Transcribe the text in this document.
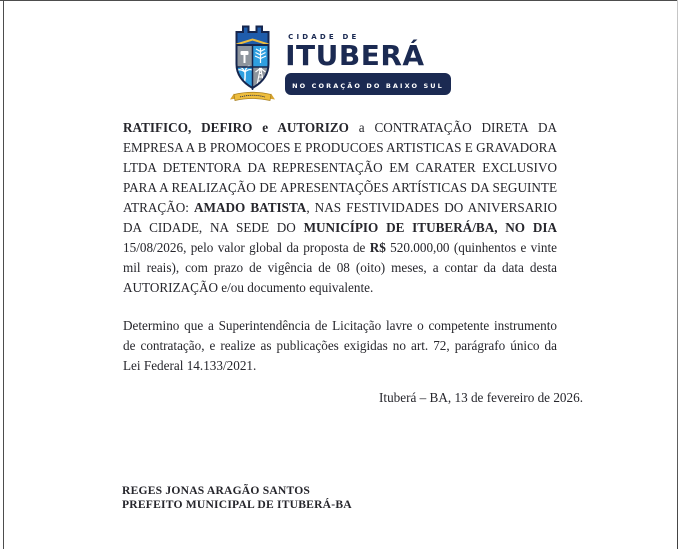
CIDADE DE
ITUBERÁ
NO CORAÇÃO DO BAIXO SUL

RATIFICO, DEFIRO e AUTORIZO a CONTRATAÇÃO DIRETA DA EMPRESA A B PROMOCOES E PRODUCOES ARTISTICAS E GRAVADORA LTDA DETENTORA DA REPRESENTAÇÃO EM CARATER EXCLUSIVO PARA A REALIZAÇÃO DE APRESENTAÇÕES ARTÍSTICAS DA SEGUINTE ATRAÇÃO: AMADO BATISTA, NAS FESTIVIDADES DO ANIVERSARIO DA CIDADE, NA SEDE DO MUNICÍPIO DE ITUBERÁ/BA, NO DIA 15/08/2026, pelo valor global da proposta de R$ 520.000,00 (quinhentos e vinte mil reais), com prazo de vigência de 08 (oito) meses, a contar da data desta AUTORIZAÇÃO e/ou documento equivalente.

Determino que a Superintendência de Licitação lavre o competente instrumento de contratação, e realize as publicações exigidas no art. 72, parágrafo único da Lei Federal 14.133/2021.

Ituberá – BA, 13 de fevereiro de 2026.
REGES JONAS ARAGÃO SANTOS
PREFEITO MUNICIPAL DE ITUBERÁ-BA
